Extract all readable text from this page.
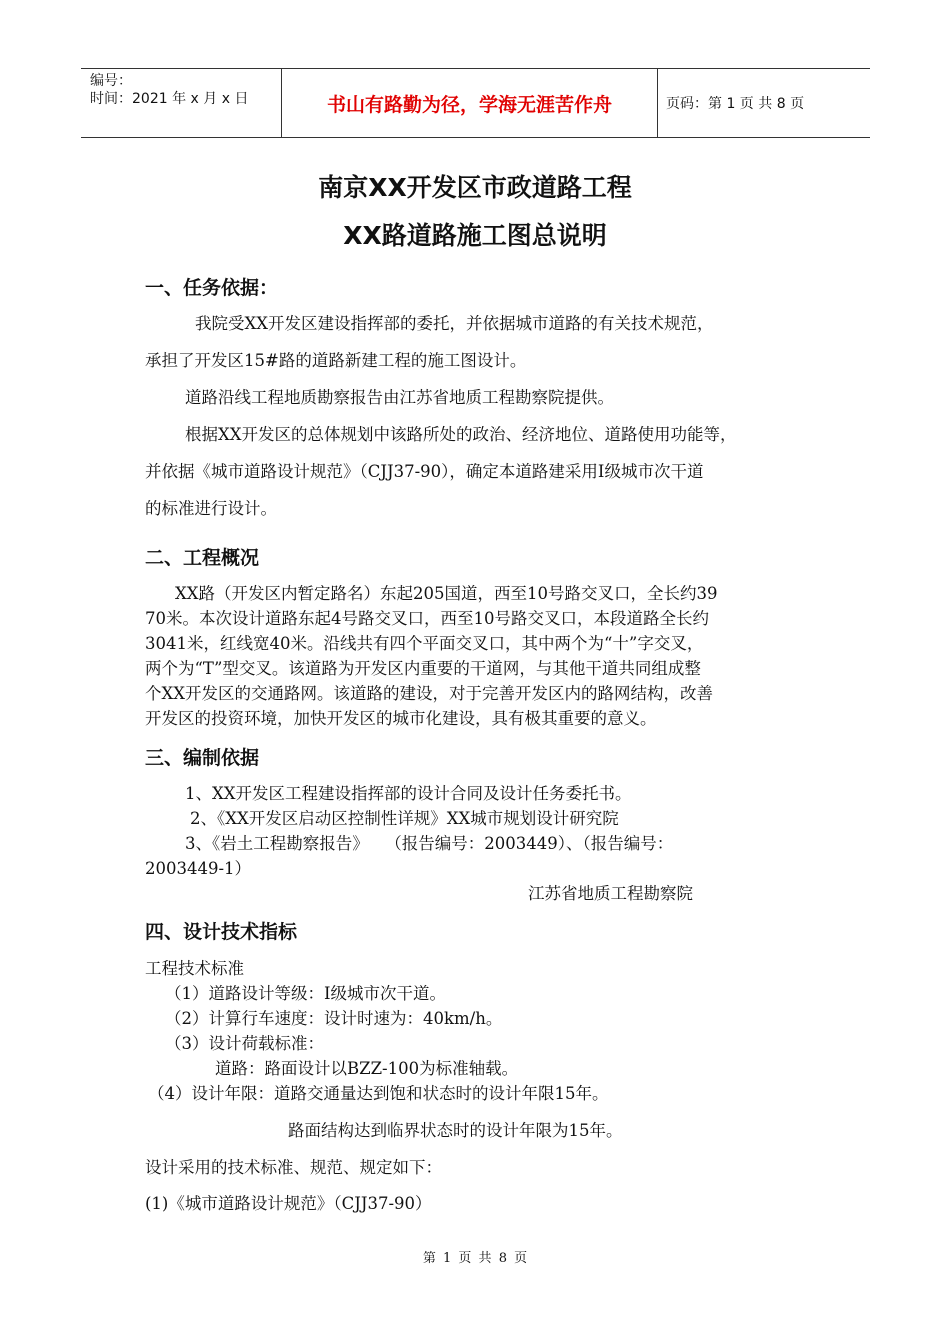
编号：
时间：2021 年 x 月 x 日	书山有路勤为径，学海无涯苦作舟	页码：第 1 页 共 8 页
南京XX开发区市政道路工程
XX路道路施工图总说明
一、任务依据：
我院受XX开发区建设指挥部的委托，并依据城市道路的有关技术规范，
承担了开发区15#路的道路新建工程的施工图设计。
道路沿线工程地质勘察报告由江苏省地质工程勘察院提供。
根据XX开发区的总体规划中该路所处的政治、经济地位、道路使用功能等，
并依据《城市道路设计规范》（CJJ37-90），确定本道路建采用I级城市次干道
的标准进行设计。
二、工程概况
XX路（开发区内暂定路名）东起205国道，西至10号路交叉口，全长约39
70米。本次设计道路东起4号路交叉口，西至10号路交叉口，本段道路全长约
3041米，红线宽40米。沿线共有四个平面交叉口，其中两个为“十”字交叉，
两个为“T”型交叉。该道路为开发区内重要的干道网，与其他干道共同组成整
个XX开发区的交通路网。该道路的建设，对于完善开发区内的路网结构，改善
开发区的投资环境，加快开发区的城市化建设，具有极其重要的意义。
三、编制依据
1、XX开发区工程建设指挥部的设计合同及设计任务委托书。
2、《XX开发区启动区控制性详规》XX城市规划设计研究院
3、《岩土工程勘察报告》　　（报告编号：2003449）、（报告编号：
2003449-1）
江苏省地质工程勘察院
四、设计技术指标
工程技术标准
（1）道路设计等级：I级城市次干道。
（2）计算行车速度：设计时速为：40km/h。
（3）设计荷载标准：
道路：路面设计以BZZ-100为标准轴载。
（4）设计年限：道路交通量达到饱和状态时的设计年限15年。
路面结构达到临界状态时的设计年限为15年。
设计采用的技术标准、规范、规定如下：
(1)《城市道路设计规范》（CJJ37-90）
第 1 页 共 8 页
